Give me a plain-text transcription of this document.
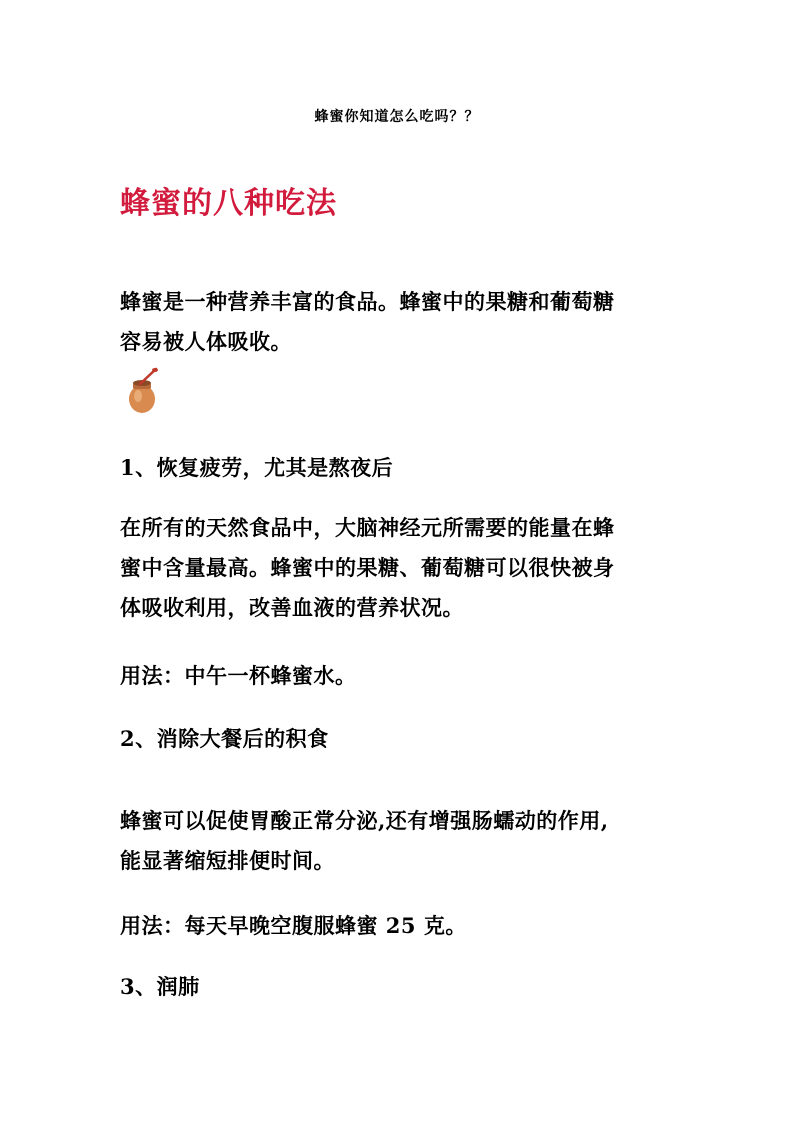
蜂蜜你知道怎么吃吗？？
蜂蜜的八种吃法
蜂蜜是一种营养丰富的食品。蜂蜜中的果糖和葡萄糖
容易被人体吸收。
1、恢复疲劳，尤其是熬夜后
在所有的天然食品中，大脑神经元所需要的能量在蜂
蜜中含量最高。蜂蜜中的果糖、葡萄糖可以很快被身
体吸收利用，改善血液的营养状况。
用法：中午一杯蜂蜜水。
2、消除大餐后的积食
蜂蜜可以促使胃酸正常分泌,还有增强肠蠕动的作用,
能显著缩短排便时间。
用法：每天早晚空腹服蜂蜜 25 克。
3、润肺
